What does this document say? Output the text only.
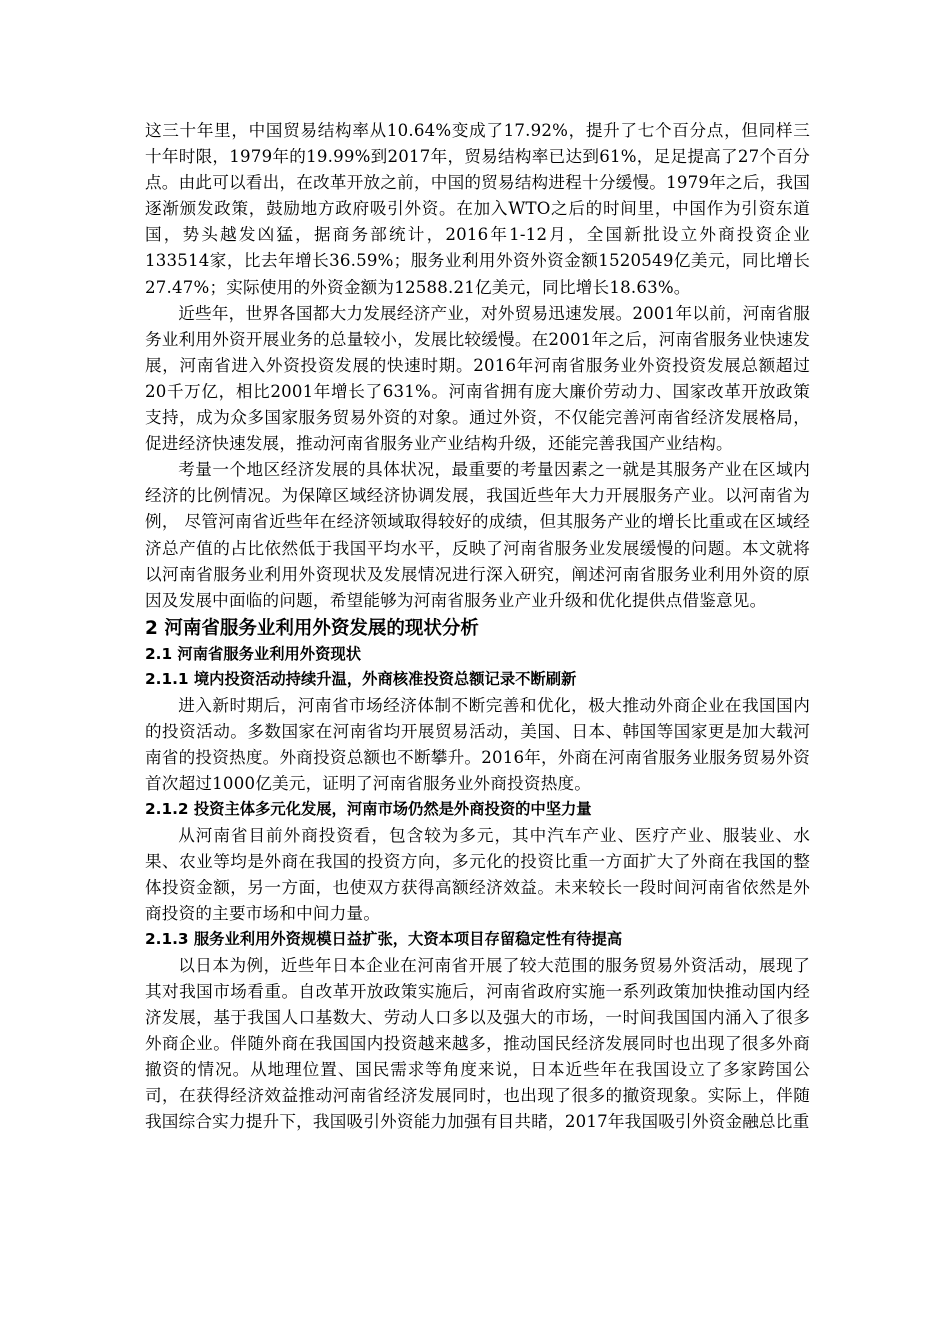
这三十年里，中国贸易结构率从10.64%变成了17.92%，提升了七个百分点，但同样三十年时限，1979年的19.99%到2017年，贸易结构率已达到61%，足足提高了27个百分点。由此可以看出，在改革开放之前，中国的贸易结构进程十分缓慢。1979年之后，我国逐渐颁发政策，鼓励地方政府吸引外资。在加入WTO之后的时间里，中国作为引资东道国，势头越发凶猛，据商务部统计，2016年1-12月，全国新批设立外商投资企业133514家，比去年增长36.59%；服务业利用外资外资金额1520549亿美元，同比增长27.47%；实际使用的外资金额为12588.21亿美元，同比增长18.63%。

近些年，世界各国都大力发展经济产业，对外贸易迅速发展。2001年以前，河南省服务业利用外资开展业务的总量较小，发展比较缓慢。在2001年之后，河南省服务业快速发展，河南省进入外资投资发展的快速时期。2016年河南省服务业外资投资发展总额超过20千万亿，相比2001年增长了631%。河南省拥有庞大廉价劳动力、国家改革开放政策支持，成为众多国家服务贸易外资的对象。通过外资，不仅能完善河南省经济发展格局，促进经济快速发展，推动河南省服务业产业结构升级，还能完善我国产业结构。

考量一个地区经济发展的具体状况，最重要的考量因素之一就是其服务产业在区域内经济的比例情况。为保障区域经济协调发展，我国近些年大力开展服务产业。以河南省为例， 尽管河南省近些年在经济领域取得较好的成绩，但其服务产业的增长比重或在区域经济总产值的占比依然低于我国平均水平，反映了河南省服务业发展缓慢的问题。本文就将以河南省服务业利用外资现状及发展情况进行深入研究，阐述河南省服务业利用外资的原因及发展中面临的问题，希望能够为河南省服务业产业升级和优化提供点借鉴意见。

2 河南省服务业利用外资发展的现状分析
2.1 河南省服务业利用外资现状
2.1.1 境内投资活动持续升温，外商核准投资总额记录不断刷新

进入新时期后，河南省市场经济体制不断完善和优化，极大推动外商企业在我国国内的投资活动。多数国家在河南省均开展贸易活动，美国、日本、韩国等国家更是加大载河南省的投资热度。外商投资总额也不断攀升。2016年，外商在河南省服务业服务贸易外资首次超过1000亿美元，证明了河南省服务业外商投资热度。

2.1.2 投资主体多元化发展，河南市场仍然是外商投资的中坚力量

从河南省目前外商投资看，包含较为多元，其中汽车产业、医疗产业、服装业、水果、农业等均是外商在我国的投资方向，多元化的投资比重一方面扩大了外商在我国的整体投资金额，另一方面，也使双方获得高额经济效益。未来较长一段时间河南省依然是外商投资的主要市场和中间力量。

2.1.3 服务业利用外资规模日益扩张，大资本项目存留稳定性有待提高

以日本为例，近些年日本企业在河南省开展了较大范围的服务贸易外资活动，展现了其对我国市场看重。自改革开放政策实施后，河南省政府实施一系列政策加快推动国内经济发展，基于我国人口基数大、劳动人口多以及强大的市场，一时间我国国内涌入了很多外商企业。伴随外商在我国国内投资越来越多，推动国民经济发展同时也出现了很多外商撤资的情况。从地理位置、国民需求等角度来说，日本近些年在我国设立了多家跨国公司，在获得经济效益推动河南省经济发展同时，也出现了很多的撤资现象。实际上，伴随我国综合实力提升下，我国吸引外资能力加强有目共睹，2017年我国吸引外资金融总比重
